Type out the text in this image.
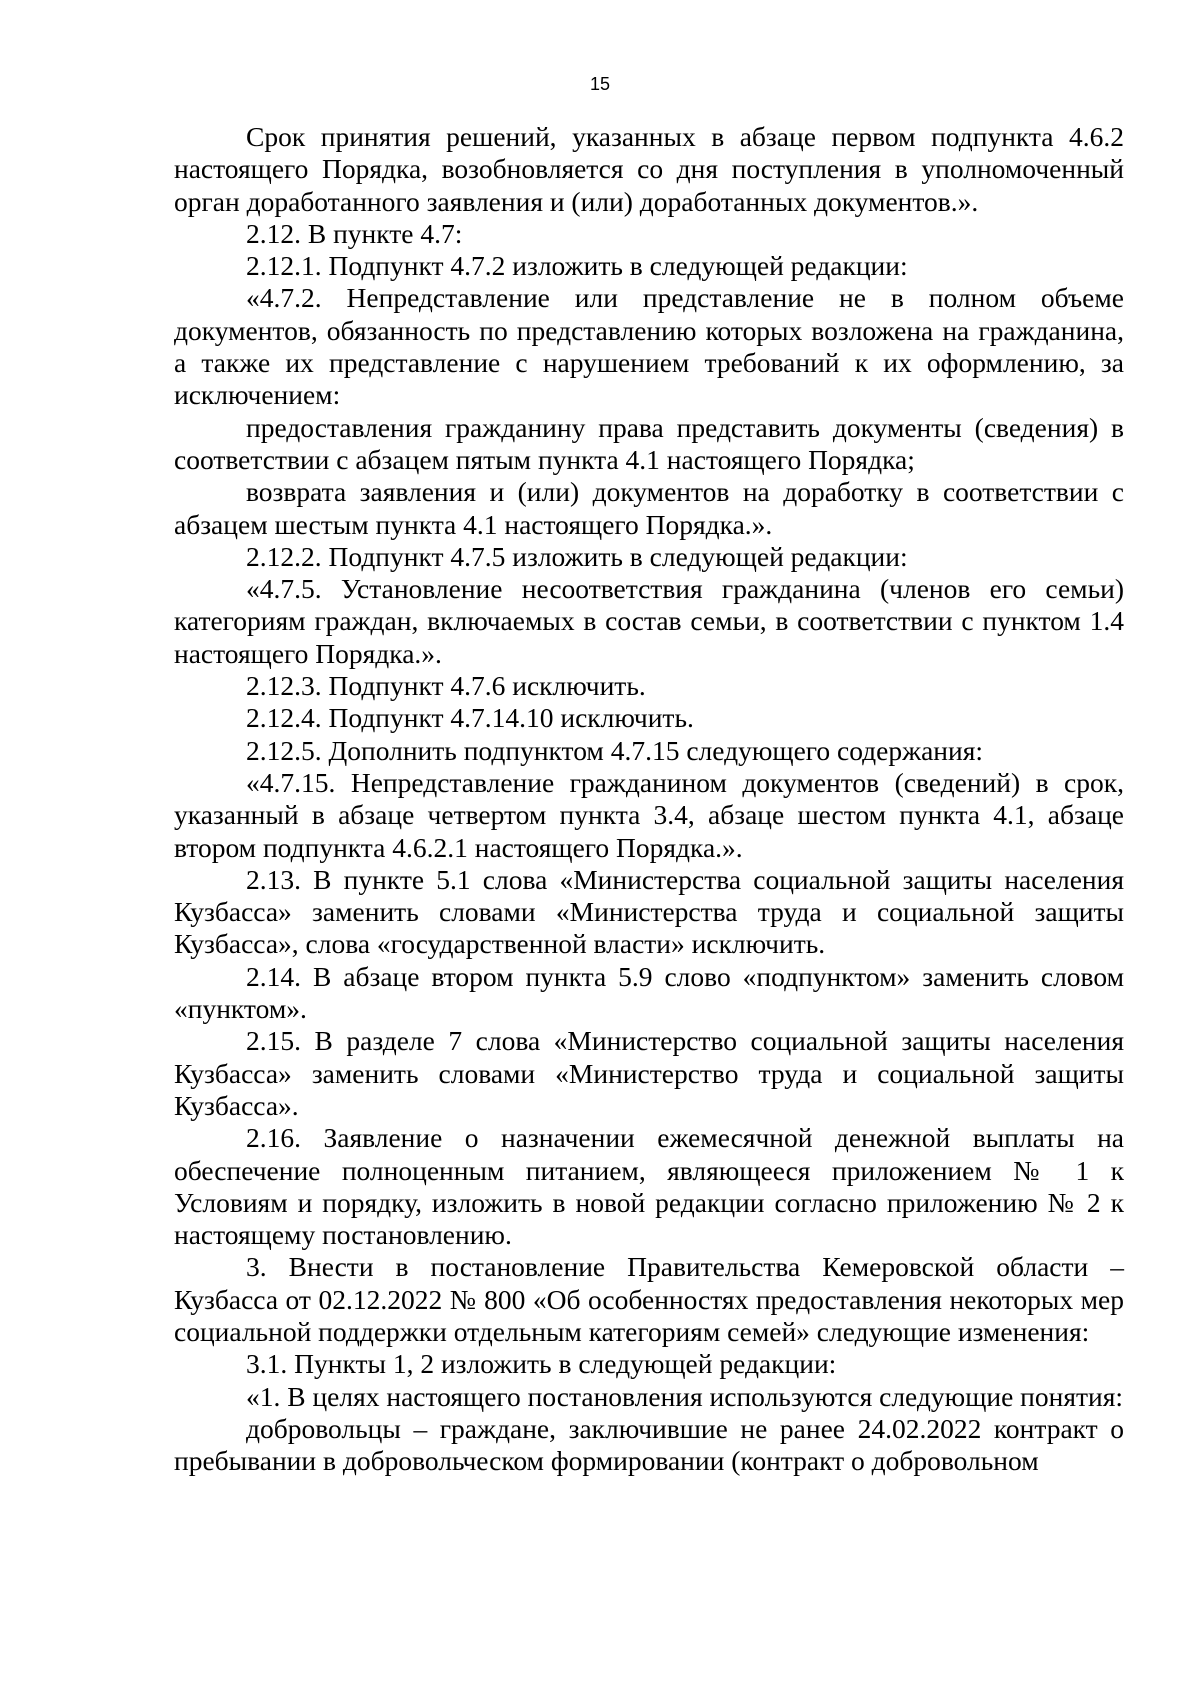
15

Срок принятия решений, указанных в абзаце первом подпункта 4.6.2 настоящего Порядка, возобновляется со дня поступления в уполномоченный орган доработанного заявления и (или) доработанных документов.».

2.12. В пункте 4.7:

2.12.1. Подпункт 4.7.2 изложить в следующей редакции:

«4.7.2. Непредставление или представление не в полном объеме документов, обязанность по представлению которых возложена на гражданина, а также их представление с нарушением требований к их оформлению, за исключением:

предоставления гражданину права представить документы (сведения) в соответствии с абзацем пятым пункта 4.1 настоящего Порядка;

возврата заявления и (или) документов на доработку в соответствии с абзацем шестым пункта 4.1 настоящего Порядка.».

2.12.2. Подпункт 4.7.5 изложить в следующей редакции:

«4.7.5. Установление несоответствия гражданина (членов его семьи) категориям граждан, включаемых в состав семьи, в соответствии с пунктом 1.4 настоящего Порядка.».

2.12.3. Подпункт 4.7.6 исключить.

2.12.4. Подпункт 4.7.14.10 исключить.

2.12.5. Дополнить подпунктом 4.7.15 следующего содержания:

«4.7.15. Непредставление гражданином документов (сведений) в срок, указанный в абзаце четвертом пункта 3.4, абзаце шестом пункта 4.1, абзаце втором подпункта 4.6.2.1 настоящего Порядка.».

2.13. В пункте 5.1 слова «Министерства социальной защиты населения Кузбасса» заменить словами «Министерства труда и социальной защиты Кузбасса», слова «государственной власти» исключить.

2.14. В абзаце втором пункта 5.9 слово «подпунктом» заменить словом «пунктом».

2.15. В разделе 7 слова «Министерство социальной защиты населения Кузбасса» заменить словами «Министерство труда и социальной защиты Кузбасса».

2.16. Заявление о назначении ежемесячной денежной выплаты на обеспечение полноценным питанием, являющееся приложением № 1 к Условиям и порядку, изложить в новой редакции согласно приложению № 2 к настоящему постановлению.

3. Внести в постановление Правительства Кемеровской области – Кузбасса от 02.12.2022 № 800 «Об особенностях предоставления некоторых мер социальной поддержки отдельным категориям семей» следующие изменения:

3.1. Пункты 1, 2 изложить в следующей редакции:

«1. В целях настоящего постановления используются следующие понятия:

добровольцы – граждане, заключившие не ранее 24.02.2022 контракт о пребывании в добровольческом формировании (контракт о добровольном
